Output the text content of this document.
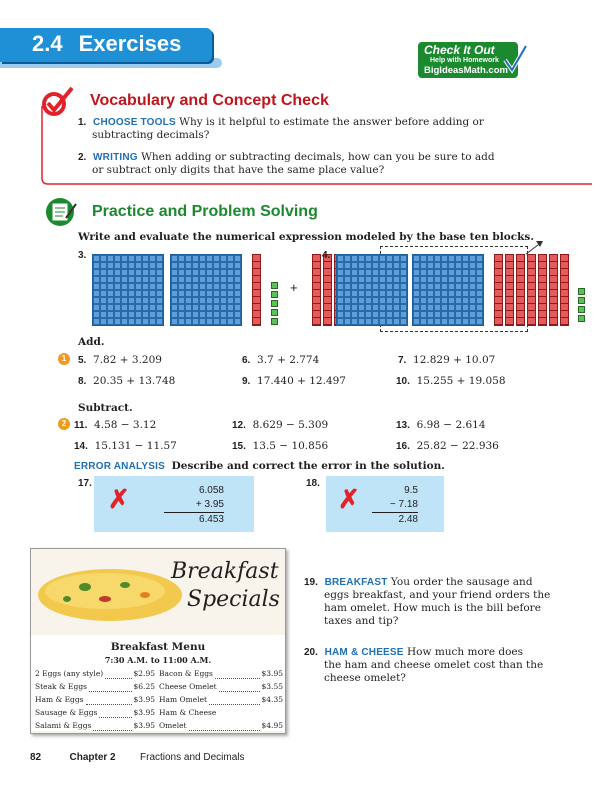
2.4 Exercises	Check It Out
Help with Homework
BigIdeasMath.com
Vocabulary and Concept Check
1. CHOOSE TOOLS Why is it helpful to estimate the answer before adding or
subtracting decimals?
2. WRITING When adding or subtracting decimals, how can you be sure to add
or subtract only digits that have the same place value?
Practice and Problem Solving
Write and evaluate the numerical expression modeled by the base ten blocks.
3.
+
4.
Add.
1	5. 7.82 + 3.209	6. 3.7 + 2.774	7. 12.829 + 10.07
8. 20.35 + 13.748	9. 17.440 + 12.497	10. 15.255 + 19.058
Subtract.
2 11. 4.58 − 3.12	12. 8.629 − 5.309	13. 6.98 − 2.614
14. 15.131 − 11.57	15. 13.5 − 10.856	16. 25.82 − 22.936
ERROR ANALYSIS Describe and correct the error in the solution.
17.
✗	6.058
+ 3.95
6.453
18.
✗	9.5
− 7.18
2.48
Breakfast
Specials
Breakfast Menu
7:30 A.M. to 11:00 A.M.
2 Eggs (any style)	$2.95
Steak & Eggs	$6.25
Ham & Eggs	$3.95
Sausage & Eggs	$3.95
Salami & Eggs	$3.95
Bacon & Eggs	$3.95
Cheese Omelet	$3.55
Ham Omelet	$4.35
Ham & Cheese
Omelet	$4.95
19. BREAKFAST You order the sausage and
eggs breakfast, and your friend orders the
ham omelet. How much is the bill before
taxes and tip?
20. HAM & CHEESE How much more does
the ham and cheese omelet cost than the
cheese omelet?
82	Chapter 2 Fractions and Decimals
